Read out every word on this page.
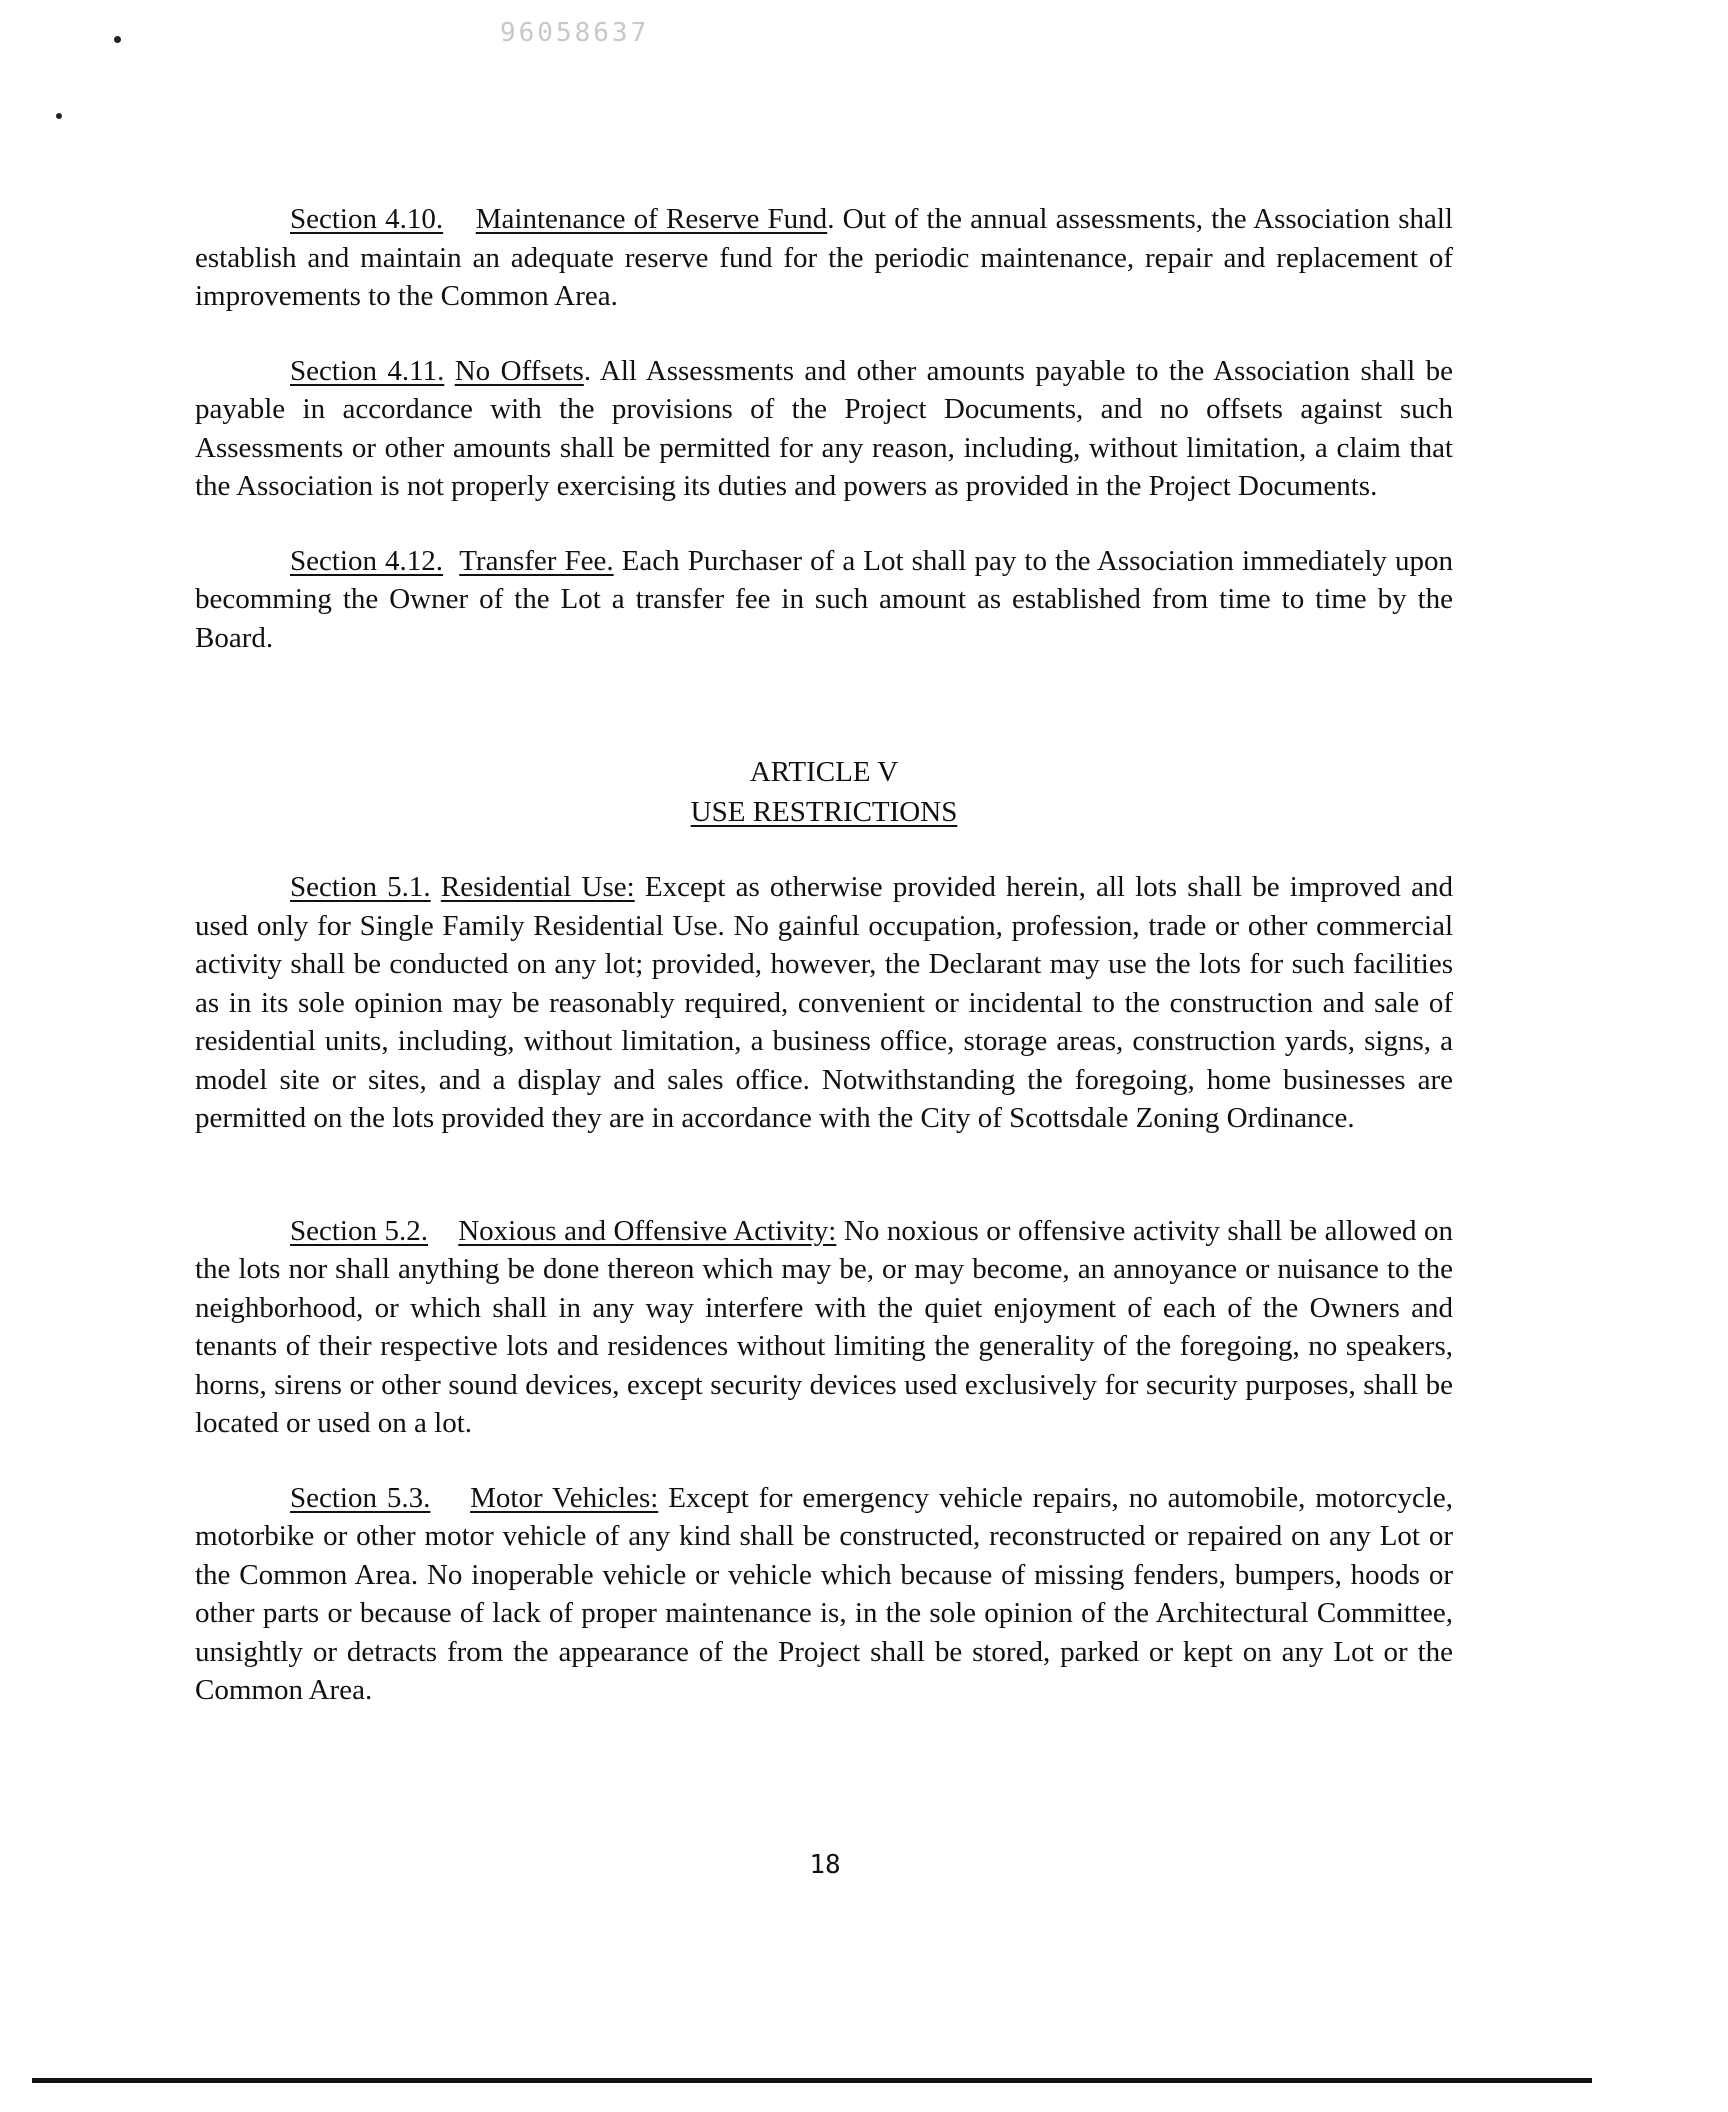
96058637

Section 4.10. Maintenance of Reserve Fund. Out of the annual assessments, the Association shall establish and maintain an adequate reserve fund for the periodic maintenance, repair and replacement of improvements to the Common Area.

Section 4.11. No Offsets. All Assessments and other amounts payable to the Association shall be payable in accordance with the provisions of the Project Documents, and no offsets against such Assessments or other amounts shall be permitted for any reason, including, without limitation, a claim that the Association is not properly exercising its duties and powers as provided in the Project Documents.

Section 4.12. Transfer Fee. Each Purchaser of a Lot shall pay to the Association immediately upon becomming the Owner of the Lot a transfer fee in such amount as established from time to time by the Board.

ARTICLE V

USE RESTRICTIONS

Section 5.1. Residential Use: Except as otherwise provided herein, all lots shall be improved and used only for Single Family Residential Use. No gainful occupation, profession, trade or other commercial activity shall be conducted on any lot; provided, however, the Declarant may use the lots for such facilities as in its sole opinion may be reasonably required, convenient or incidental to the construction and sale of residential units, including, without limitation, a business office, storage areas, construction yards, signs, a model site or sites, and a display and sales office. Notwithstanding the foregoing, home businesses are permitted on the lots provided they are in accordance with the City of Scottsdale Zoning Ordinance.

Section 5.2. Noxious and Offensive Activity: No noxious or offensive activity shall be allowed on the lots nor shall anything be done thereon which may be, or may become, an annoyance or nuisance to the neighborhood, or which shall in any way interfere with the quiet enjoyment of each of the Owners and tenants of their respective lots and residences without limiting the generality of the foregoing, no speakers, horns, sirens or other sound devices, except security devices used exclusively for security purposes, shall be located or used on a lot.

Section 5.3. Motor Vehicles: Except for emergency vehicle repairs, no automobile, motorcycle, motorbike or other motor vehicle of any kind shall be constructed, reconstructed or repaired on any Lot or the Common Area. No inoperable vehicle or vehicle which because of missing fenders, bumpers, hoods or other parts or because of lack of proper maintenance is, in the sole opinion of the Architectural Committee, unsightly or detracts from the appearance of the Project shall be stored, parked or kept on any Lot or the Common Area.

18
